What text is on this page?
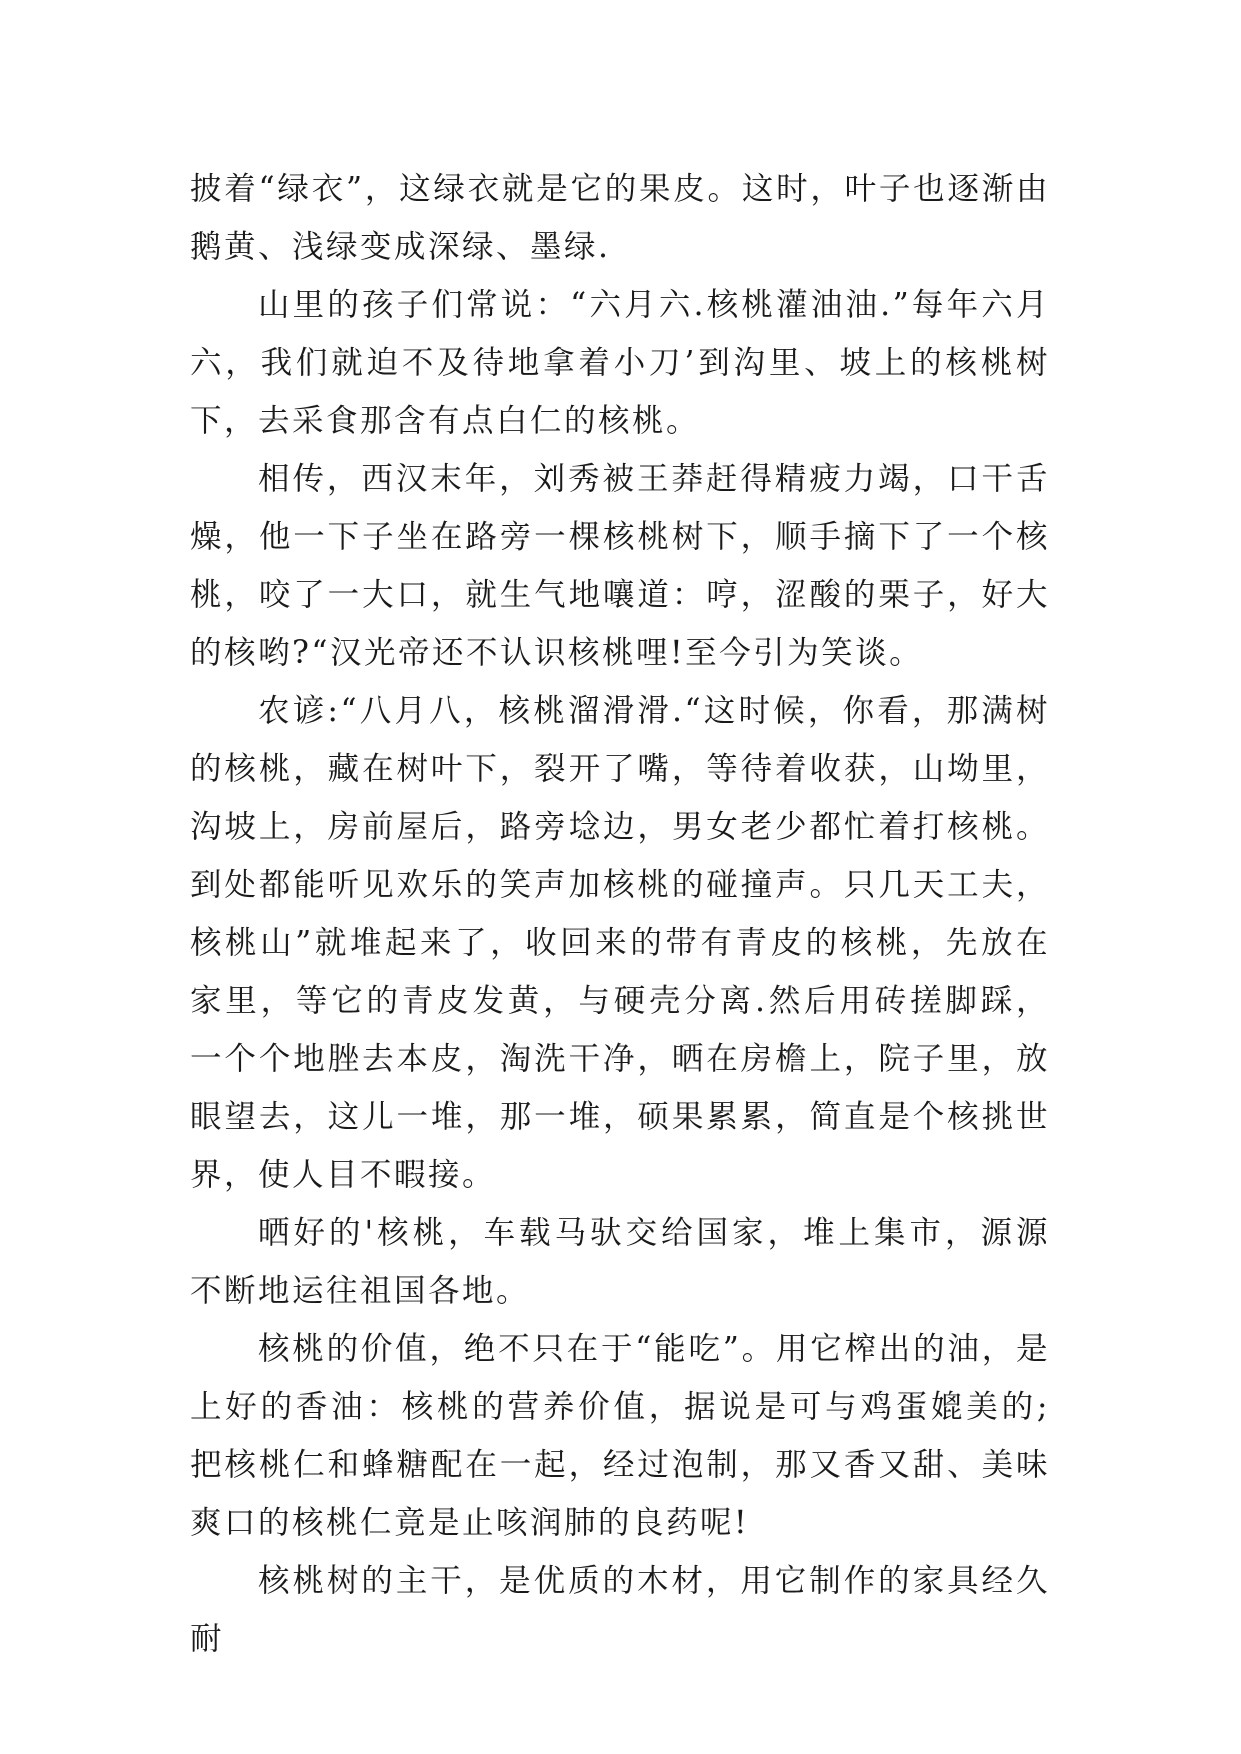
披着“绿衣”，这绿衣就是它的果皮。这时，叶子也逐渐由鹅黄、浅绿变成深绿、墨绿.

山里的孩子们常说：“六月六.核桃灌油油.”每年六月六，我们就迫不及待地拿着小刀’到沟里、坡上的核桃树下，去采食那含有点白仁的核桃。

相传，西汉末年，刘秀被王莽赶得精疲力竭，口干舌燥，他一下子坐在路旁一棵核桃树下，顺手摘下了一个核桃，咬了一大口，就生气地嚷道：哼，涩酸的栗子，好大的核哟?“汉光帝还不认识核桃哩!至今引为笑谈。

农谚:“八月八，核桃溜滑滑.“这时候，你看，那满树的核桃，藏在树叶下，裂开了嘴，等待着收获，山坳里，沟坡上，房前屋后，路旁埝边，男女老少都忙着打核桃。到处都能听见欢乐的笑声加核桃的碰撞声。只几天工夫，核桃山”就堆起来了，收回来的带有青皮的核桃，先放在家里，等它的青皮发黄，与硬壳分离.然后用砖搓脚踩，一个个地脞去本皮，淘洗干净，晒在房檐上，院子里，放眼望去，这儿一堆，那一堆，硕果累累，简直是个核挑世界，使人目不暇接。

晒好的'核桃，车载马驮交给国家，堆上集市，源源不断地运往祖国各地。

核桃的价值，绝不只在于“能吃”。用它榨出的油，是上好的香油：核桃的营养价值，据说是可与鸡蛋媲美的;把核桃仁和蜂糖配在一起，经过泡制，那又香又甜、美味爽口的核桃仁竟是止咳润肺的良药呢!

核桃树的主干，是优质的木材，用它制作的家具经久耐
